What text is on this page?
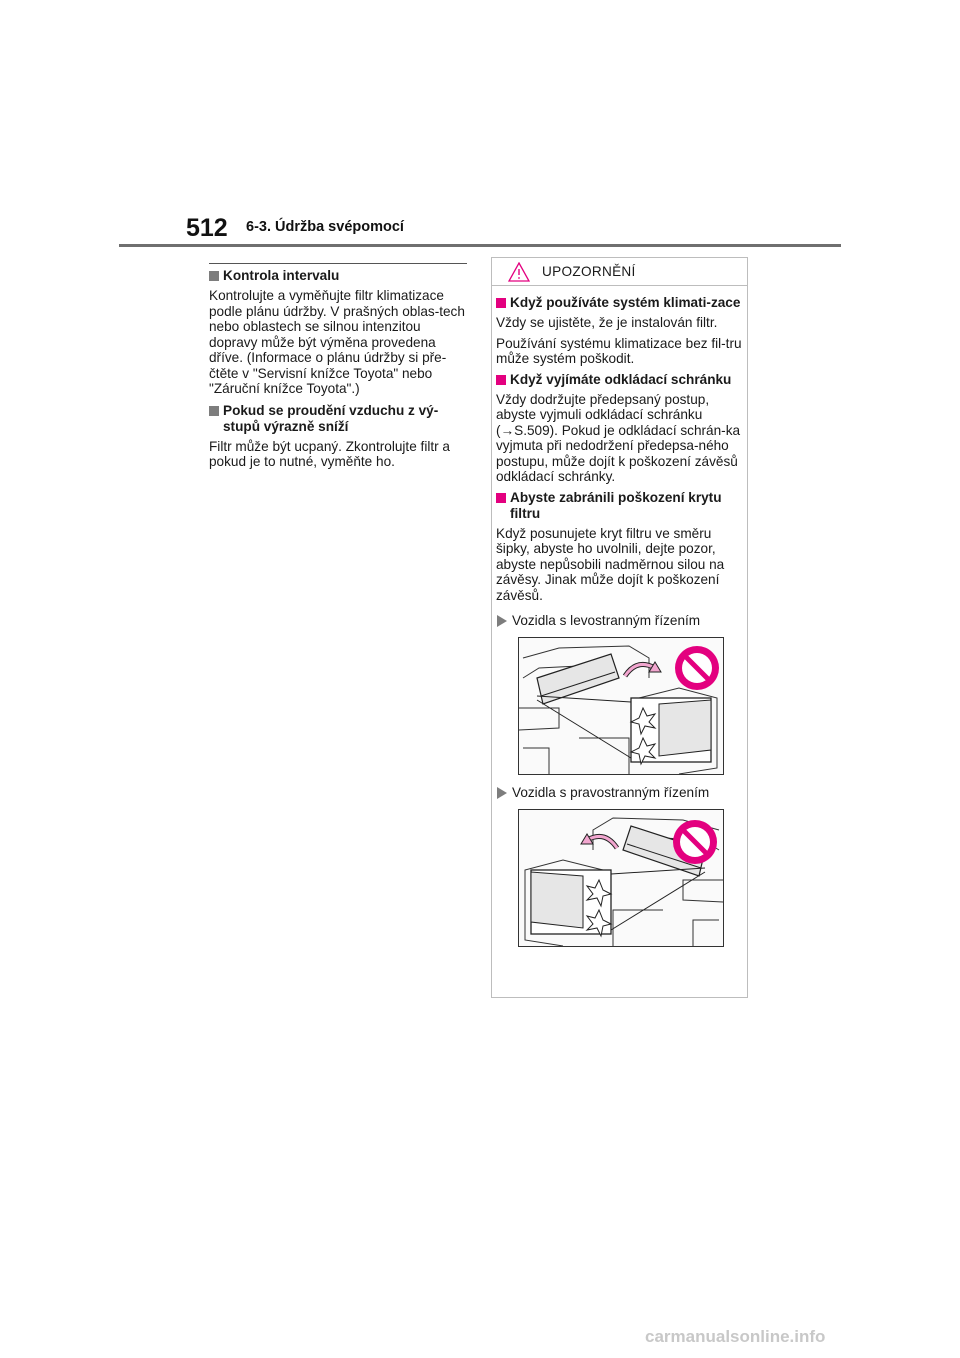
512 6-3. Údržba svépomocí
Kontrola intervalu
Kontrolujte a vyměňujte filtr klimatizace podle plánu údržby. V prašných oblas-tech nebo oblastech se silnou intenzitou dopravy může být výměna provedena dříve. (Informace o plánu údržby si pře-čtěte v "Servisní knížce Toyota" nebo "Záruční knížce Toyota".)
Pokud se proudění vzduchu z vý-stupů výrazně sníží
Filtr může být ucpaný. Zkontrolujte filtr a pokud je to nutné, vyměňte ho.
UPOZORNĚNÍ
Když používáte systém klimati-zace
Vždy se ujistěte, že je instalován filtr.
Používání systému klimatizace bez fil-tru může systém poškodit.
Když vyjímáte odkládací schránku
Vždy dodržujte předepsaný postup, abyste vyjmuli odkládací schránku (→S.509). Pokud je odkládací schrán-ka vyjmuta při nedodržení předepsa-ného postupu, může dojít k poškození závěsů odkládací schránky.
Abyste zabránili poškození krytu filtru
Když posunujete kryt filtru ve směru šipky, abyste ho uvolnili, dejte pozor, abyste nepůsobili nadměrnou silou na závěsy. Jinak může dojít k poškození závěsů.
Vozidla s levostranným řízením
Vozidla s pravostranným řízením
carmanualsonline.info
